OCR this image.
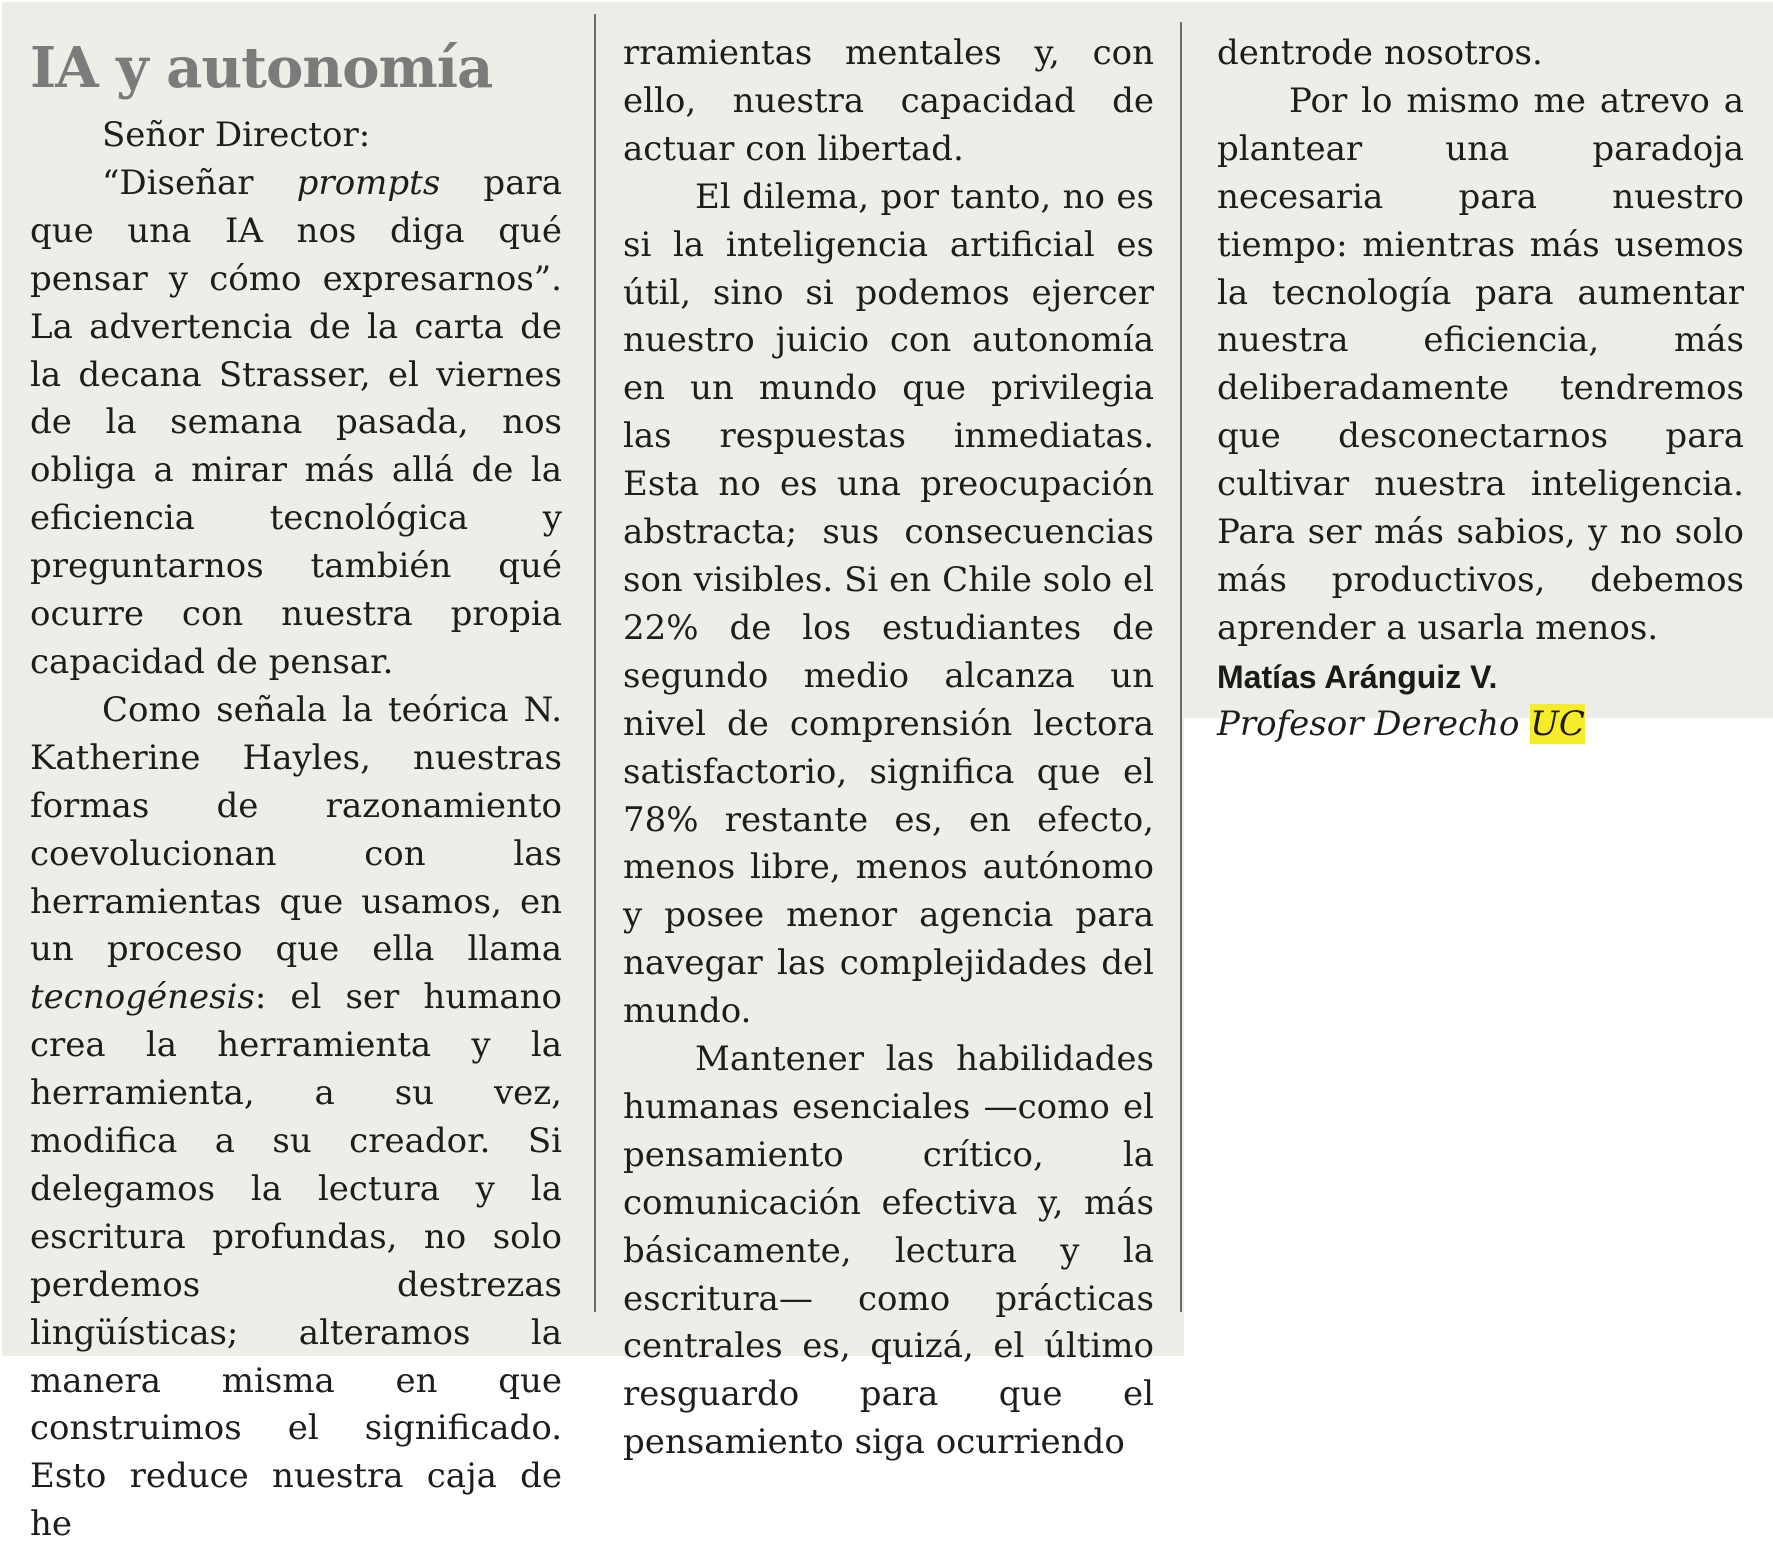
IA y autonomía

Señor Director:

“Diseñar prompts para que una IA nos diga qué pensar y cómo expresarnos”. La advertencia de la carta de la decana Strasser, el viernes de la semana pasada, nos obliga a mirar más allá de la eficiencia tecnológica y preguntarnos también qué ocurre con nuestra propia capacidad de pensar.

Como señala la teórica N. Katherine Hayles, nuestras formas de razonamiento coevolucionan con las herramientas que usamos, en un proceso que ella llama tecnogénesis: el ser humano crea la herramienta y la herramienta, a su vez, modifica a su creador. Si delegamos la lectura y la escritura profundas, no solo perdemos destrezas lingüísticas; alteramos la manera misma en que construimos el significado. Esto reduce nuestra caja de he

rramientas mentales y, con ello, nuestra capacidad de actuar con libertad.

El dilema, por tanto, no es si la inteligencia artificial es útil, sino si podemos ejercer nuestro juicio con autonomía en un mundo que privilegia las respuestas inmediatas. Esta no es una preocupación abstracta; sus consecuencias son visibles. Si en Chile solo el 22% de los estudiantes de segundo medio alcanza un nivel de comprensión lectora satisfactorio, significa que el 78% restante es, en efecto, menos libre, menos autónomo y posee menor agencia para navegar las complejidades del mundo.

Mantener las habilidades humanas esenciales —como el pensamiento crítico, la comunicación efectiva y, más básicamente, lectura y la escritura— como prácticas centrales es, quizá, el último resguardo para que el pensamiento siga ocurriendo

dentrode nosotros.

Por lo mismo me atrevo a plantear una paradoja necesaria para nuestro tiempo: mientras más usemos la tecnología para aumentar nuestra eficiencia, más deliberadamente tendremos que desconectarnos para cultivar nuestra inteligencia. Para ser más sabios, y no solo más productivos, debemos aprender a usarla menos.

Matías Aránguiz V.

Profesor Derecho UC
